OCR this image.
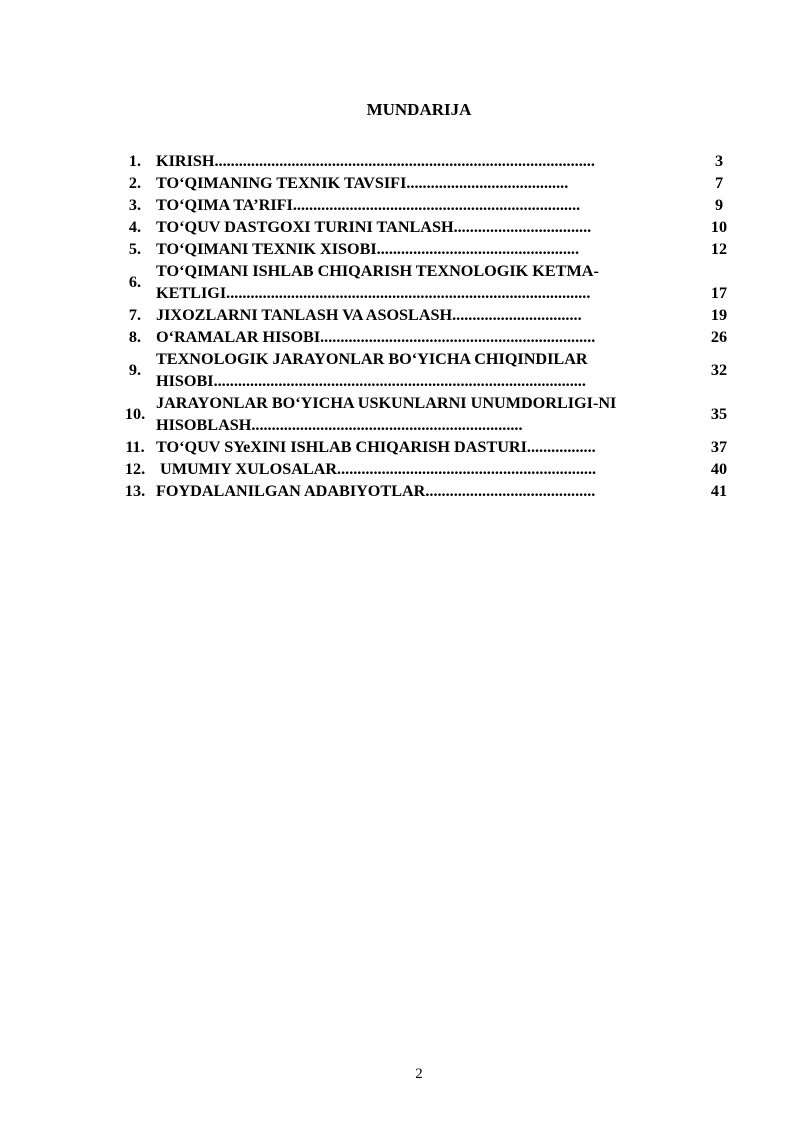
MUNDARIJA
1.	KIRISH..............................................................................................	3
2.	TO‘QIMANING TEXNIK TAVSIFI........................................	7
3.	TO‘QIMA TA’RIFI.......................................................................	9
4.	TO‘QUV DASTGOXI TURINI TANLASH..................................	10
5.	TO‘QIMANI TEXNIK XISOBI..................................................	12
6.	TO‘QIMANI ISHLAB CHIQARISH TEXNOLOGIK KETMA-
KETLIGI..........................................................................................	17
7.	JIXOZLARNI TANLASH VA ASOSLASH................................	19
8.	O‘RAMALAR HISOBI....................................................................	26
9.	TEXNOLOGIK JARAYONLAR BO‘YICHA CHIQINDILAR
HISOBI............................................................................................	32
10.	JARAYONLAR BO‘YICHA USKUNLARNI UNUMDORLIGI-NI
HISOBLASH...................................................................	35
11.	TO‘QUV SYeXINI ISHLAB CHIQARISH DASTURI.................	37
12.	UMUMIY XULOSALAR................................................................	40
13.	FOYDALANILGAN ADABIYOTLAR..........................................	41
2
